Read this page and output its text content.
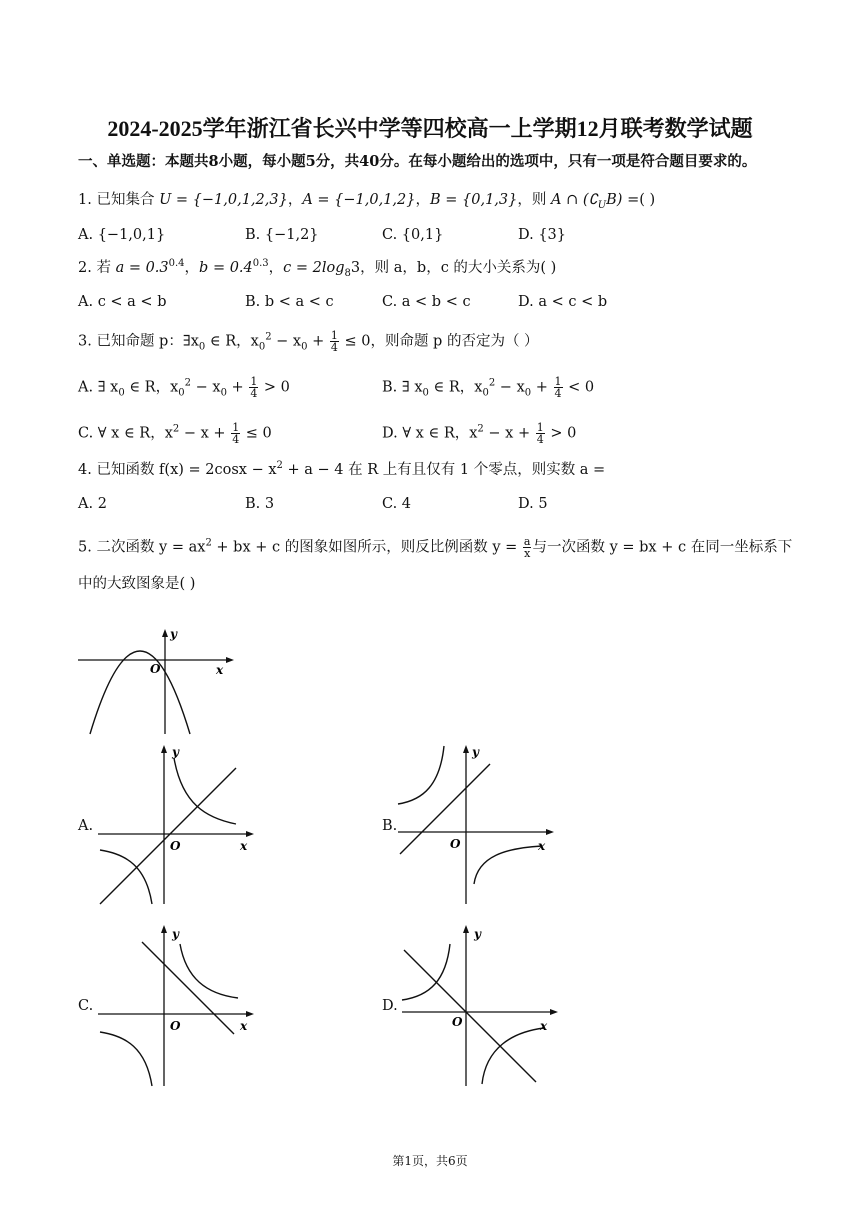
2024-2025学年浙江省长兴中学等四校高一上学期12月联考数学试题
一、单选题：本题共8小题，每小题5分，共40分。在每小题给出的选项中，只有一项是符合题目要求的。
1. 已知集合 U = {−1,0,1,2,3}，A = {−1,0,1,2}，B = {0,1,3}，则 A ∩ $(∁_UB)$ =( )
A. {−1,0,1}	B. {−1,2}	C. {0,1}	D. {3}
2. 若 $a = 0.3^{0.4}$，$b = 0.4^{0.3}$，$c = 2\log_83$，则 a，b，c 的大小关系为( )
A. c < a < b	B. b < a < c	C. a < b < c	D. a < c < b
3. 已知命题 p：$\exists x_0$ ∈ R，$x_0^2 - x_0 + \frac{1}{4} \le 0$，则命题 p 的否定为（ ）
A. ∃ $x_0$ ∈ R，$x_0^2 - x_0 + \frac{1}{4} > 0$	B. ∃ $x_0$ ∈ R，$x_0^2 - x_0 + \frac{1}{4} < 0$
C. ∀ x ∈ R，$x^2 - x + \frac{1}{4} \le 0$	D. ∀ x ∈ R，$x^2 - x + \frac{1}{4} > 0$
4. 已知函数 $f(x) = 2\cos x - x^2 + a - 4$ 在 R 上有且仅有 1 个零点，则实数 a =
A. 2	B. 3	C. 4	D. 5
5. 二次函数 $y = ax^2$ + bx + c 的图象如图所示，则反比例函数 $y = \frac{a}{x}$ 与一次函数 y = bx + c 在同一坐标系下
中的大致图象是( )
y
x
O
A.
y
x
O
B.
y
x
O
C.
y
x
O
D.
y
x
O
第1页，共6页
